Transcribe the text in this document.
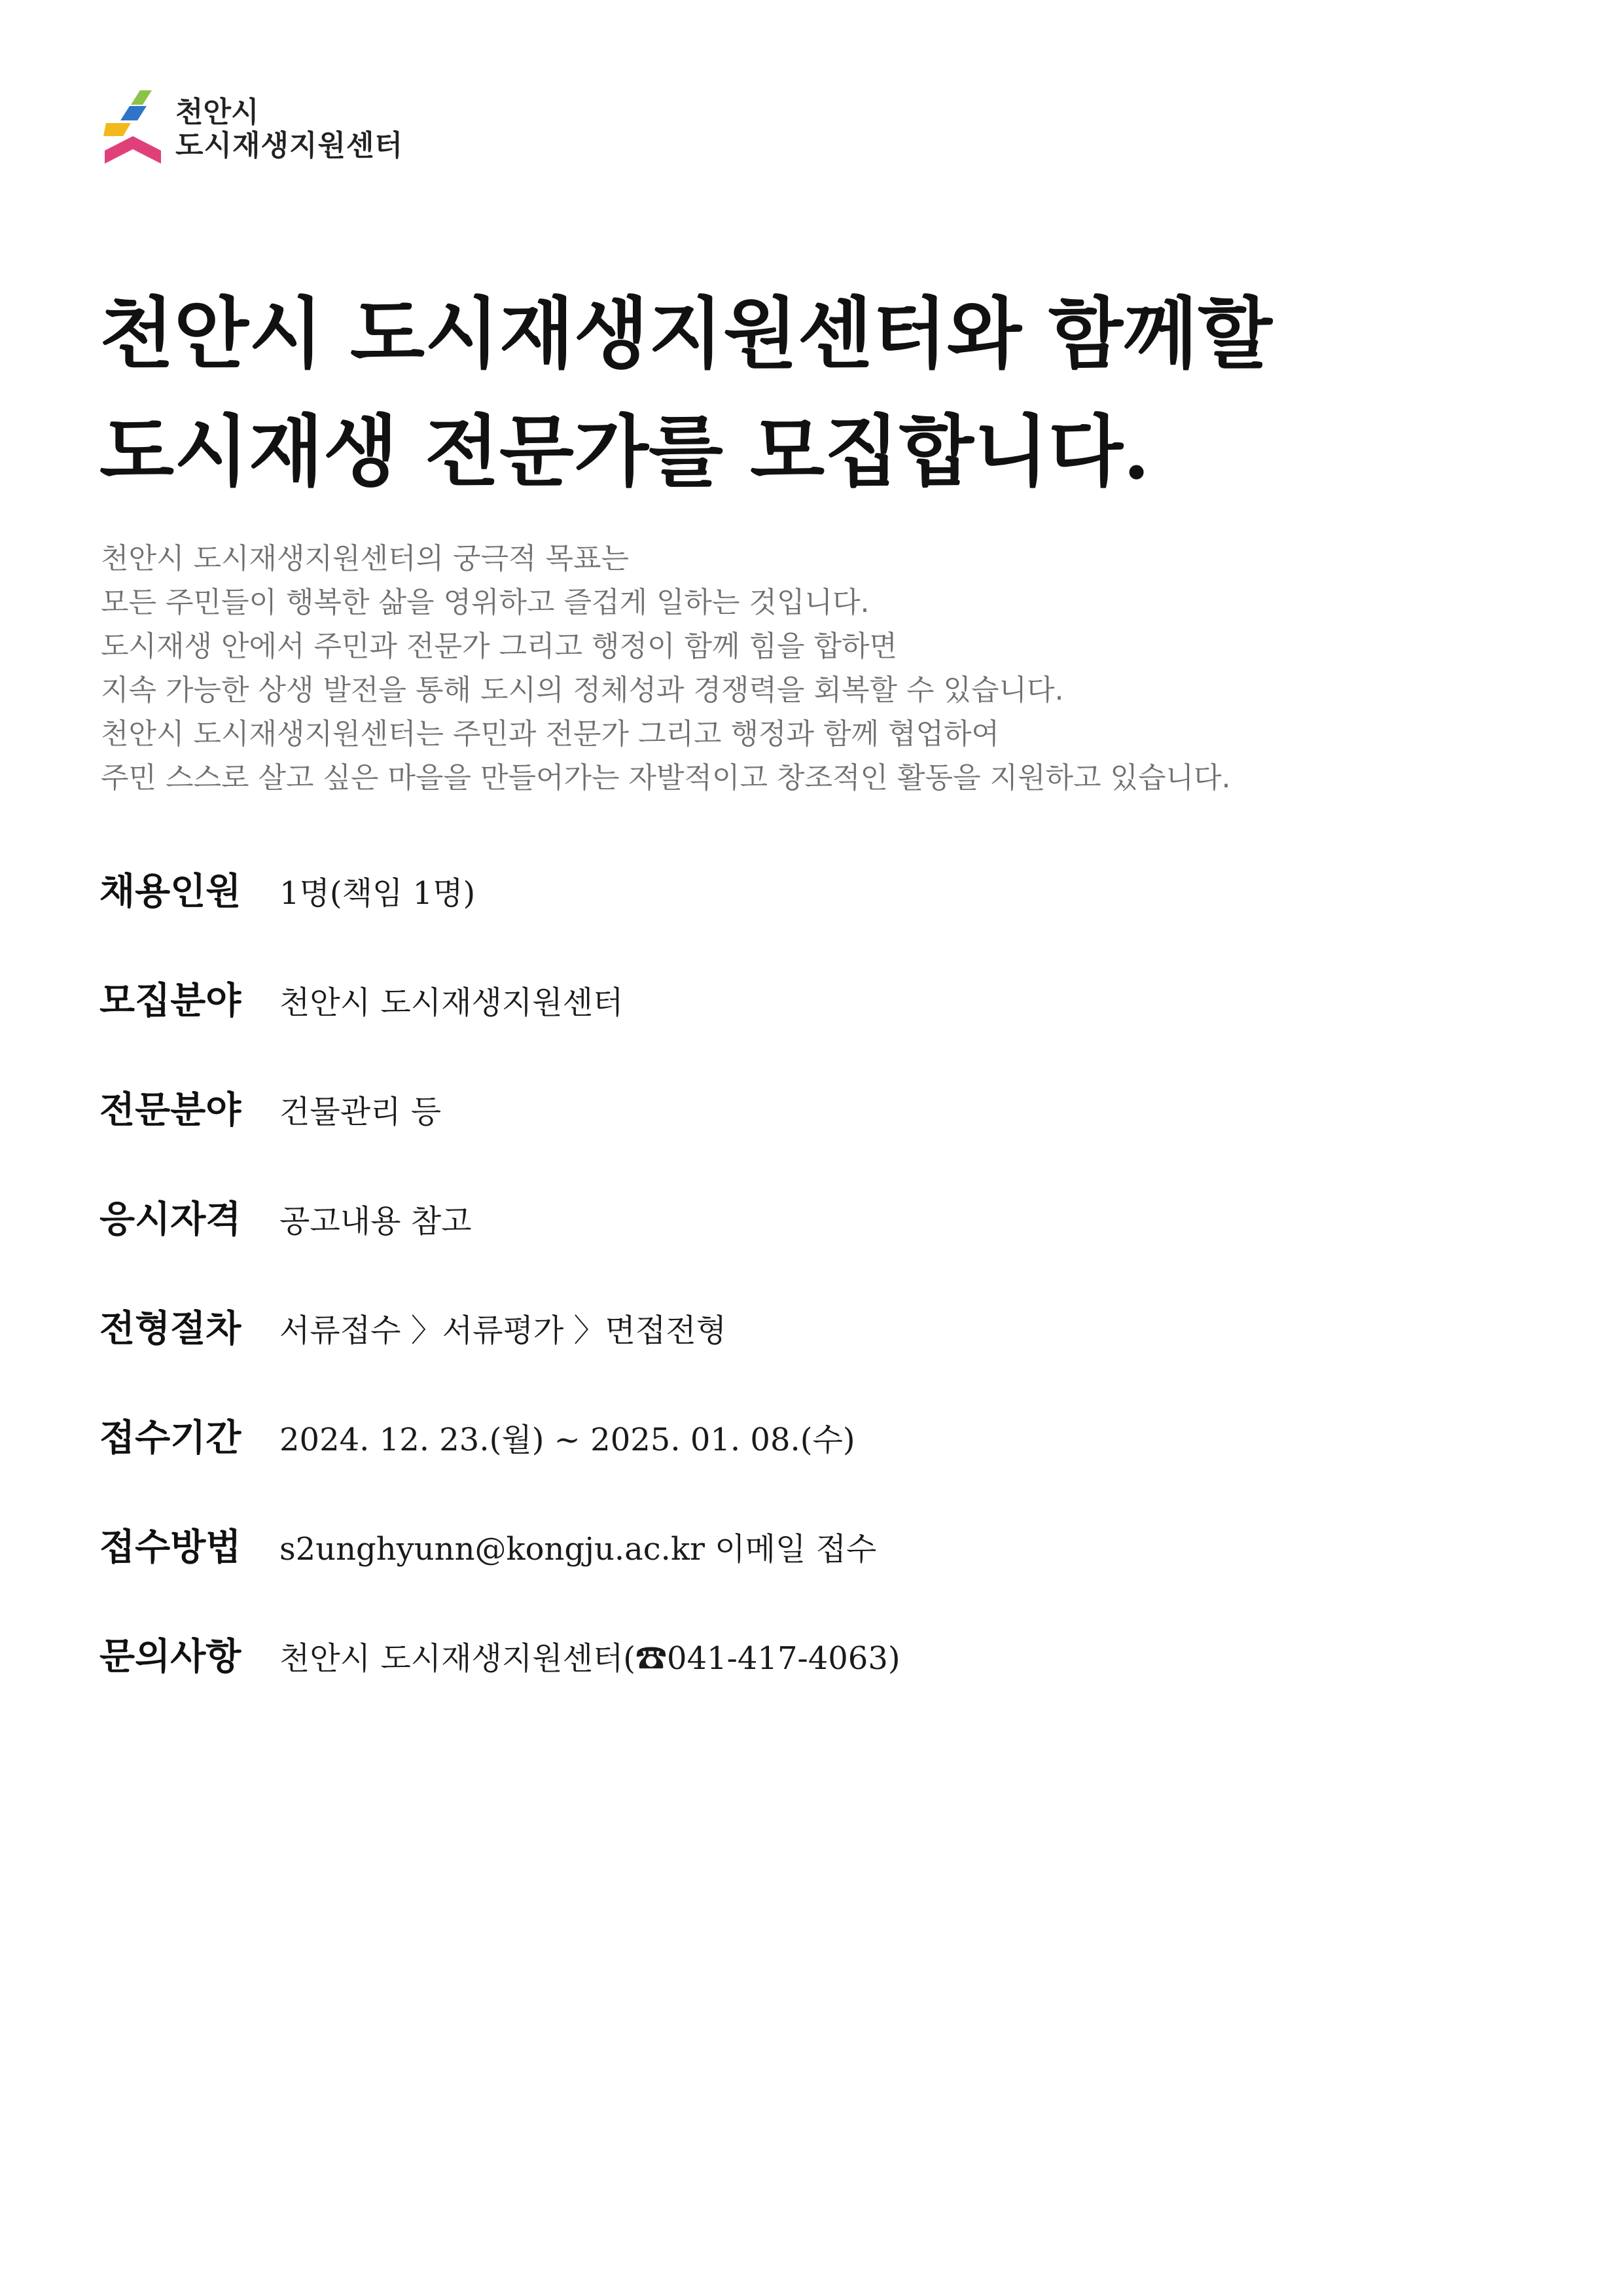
천안시
도시재생지원센터
천안시 도시재생지원센터와 함께할
도시재생 전문가를 모집합니다.
천안시 도시재생지원센터의 궁극적 목표는
모든 주민들이 행복한 삶을 영위하고 즐겁게 일하는 것입니다.
도시재생 안에서 주민과 전문가 그리고 행정이 함께 힘을 합하면
지속 가능한 상생 발전을 통해 도시의 정체성과 경쟁력을 회복할 수 있습니다.
천안시 도시재생지원센터는 주민과 전문가 그리고 행정과 함께 협업하여
주민 스스로 살고 싶은 마을을 만들어가는 자발적이고 창조적인 활동을 지원하고 있습니다.
채용인원	1명(책임 1명)
모집분야	천안시 도시재생지원센터
전문분야	건물관리 등
응시자격	공고내용 참고
전형절차	서류접수 〉서류평가 〉면접전형
접수기간	2024. 12. 23.(월) ~ 2025. 01. 08.(수)
접수방법	s2unghyunn@kongju.ac.kr 이메일 접수
문의사항	천안시 도시재생지원센터(☎041-417-4063)
